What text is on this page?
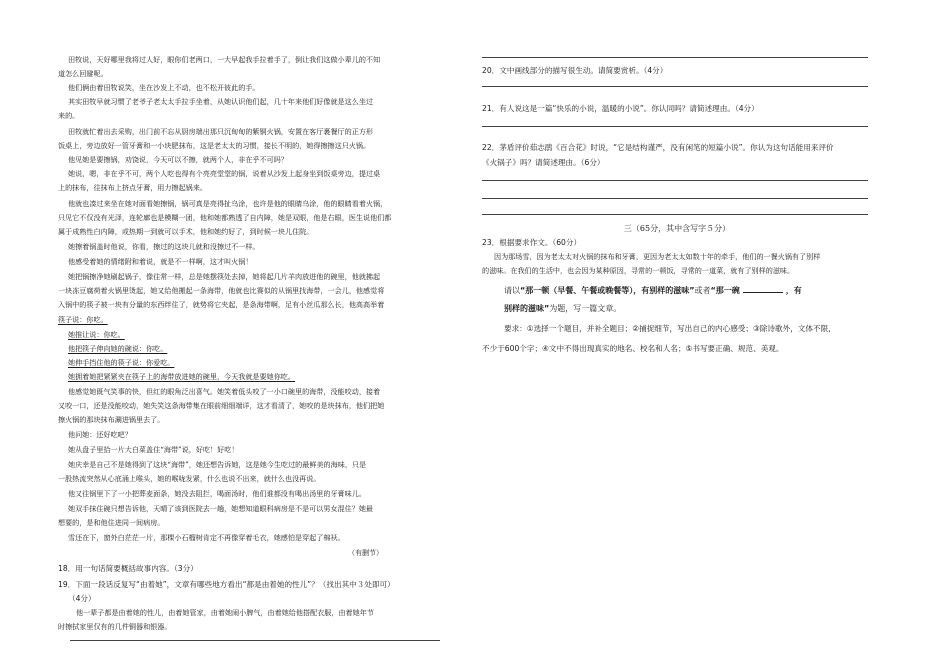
田牧说，天好哪里我将过人好，眼你们老两口，一大早起我手拉着手了，倒让我们这做小辈儿的不知
道怎么回避呢。
他们俩由着田牧说笑，坐在沙发上不动，也不松开彼此的手。
其实田牧早就习惯了老爷子老太太手拉手坐着，从她认识他们起，几十年来他们好像就是这么坐过
来的。
田牧就忙着出去采购，出门前不忘从厨房端出那只沉甸甸的紫铜火锅，安置在客厅裹餐厅的正方形
饭桌上，旁边放好一管牙膏和一小块肥抹布，这是老太太的习惯，接长不明的，她得擦擦这只火锅。
他见她是要擦锅，劝饶说，今天可以不擦，就两个人，非在乎不可吗？
她说，嗯，非在乎不可，两个人吃也得有个亮亮堂堂的锅，说着从沙发上起身坐到饭桌旁边，提过桌
上的抹布，往抹布上挤点牙膏，用力擦起锅来。
他就也凑过来坐在她对面看她擦锅，锅可真是亮得扯乌涂，也许是他的眼睛乌涂，他的眼睛看着火锅，
只见它不仅没有光泽，连轮廓也是模糊一团，他和她都熟透了自内障，她是双眼，他是右眼，医生说他们都
属于成熟性白内障，或热期一到就可以手术，他和她约好了，到时候一块儿住院。
她擦着锅盖时他说，你看，擦过的这块儿就和没擦过不一样。
他感受着她的情绪附和着说，就是不一样啊，这才叫火锅！
她把锅擦净她刷起锅子，像往常一样，总是她摆筷处去掉，她将起几片羊肉放进他的碗里，他就拂起
一块冻豆腐荷着火锅里烫起，她又给他搬起一条海带，他就也比赛似的从锅里找海带，一会儿，他感觉将
入锅中的筷子被一块有分量的东西绊住了，就势将它夹起，是条海带啊，足有小丝瓜那么长，他高高举着
筷子说：你吃。
她推让说：你吃。
他把筷子伸向她的碗说：你吃。
她伸手挡住他的筷子说：你爱吃。
她拥着她把紧紧夹在筷子上的海带放进她的碗里，今天我就是要她你吃。
他感觉她既气笑事的快，但红的眼角泛出喜气。她笑着低头咬了一小口碗里的海带，没能咬动，接着
又咬一口，还是没能咬动，她失笑这条海带集在眼前细细端详，这才看清了，她咬的是块抹布，他们把她
擦火锅的那块抹布涮进锅里去了。
他问她：还好吃吧？
她从盘子里拾一片大白菜盖住“海带”说，好吃！好吃！
她庆幸是自己不是她得到了这块“海带”，她还想告诉她，这是她今生吃过的最鲜美的海味，只是
一股热流突然从心底涌上喉头，她的喉咙发紧，什么也说不出来，就什么也没再说。
他又往锅里下了一小把葬麦面条，她没去阻拦，喝面汤时，他们谁都没有喝出汤里的牙膏味儿。
她双手抹住碗只想告诉他，天晴了该到医院去一趟，她想知道眼科病房是不是可以男女混住？她最
想要的，是和他住进同一间病房。
雪还在下，窗外白茫茫一片，那棵小石榴树肯定不再像穿着毛衣，她感怕是穿起了棉袄。
（有删节）
18．用一句话简要概括故事内容。（3分）
19．下面一段话反复写“由着她”，文章有哪些地方看出“都是由着她的性儿”？（找出其中３处即可）
（4分）
他一辈子都是由着她的性儿，由着她管家，由着她闹小脾气，由着她给他搭配衣服，由着她年节
时擦拭家里仅有的几件铜器和银器。
20．文中画线部分的描写很生动。请简要赏析。（4分）
21．有人说这是一篇“快乐的小说，温暖的小说”。你认同吗？请简述理由。（4分）
22．茅盾评价茹志鹃《百合花》时说，“它是结构谨严，没有闲笔的短篇小说”。你认为这句话能用来评价
《火锅子》吗？请简述理由。（6分）
三（65分，其中含写字５分）
23．根据要求作文。（60分）
因为那场雪，因为老太太对火锅的抹布和牙膏，更因为老太太如数十年的牵手，他们的一餐火锅有了别样
的滋味。在我们的生活中，也会因为某种原因，寻常的一顿饭，寻常的一道菜，就有了别样的滋味。
请以“那一顿（早餐、午餐或晚餐等），有别样的滋味”或者“那一碗	，有
别样的滋味”为题，写一篇文章。
要求：①选择一个题目，并补全题目；②捕捉细节，写出自己的内心感受；③除诗歌外，文体不限，
不少于600个字；④文中不得出现真实的地名、校名和人名；⑤书写要正确、规范、美观。
